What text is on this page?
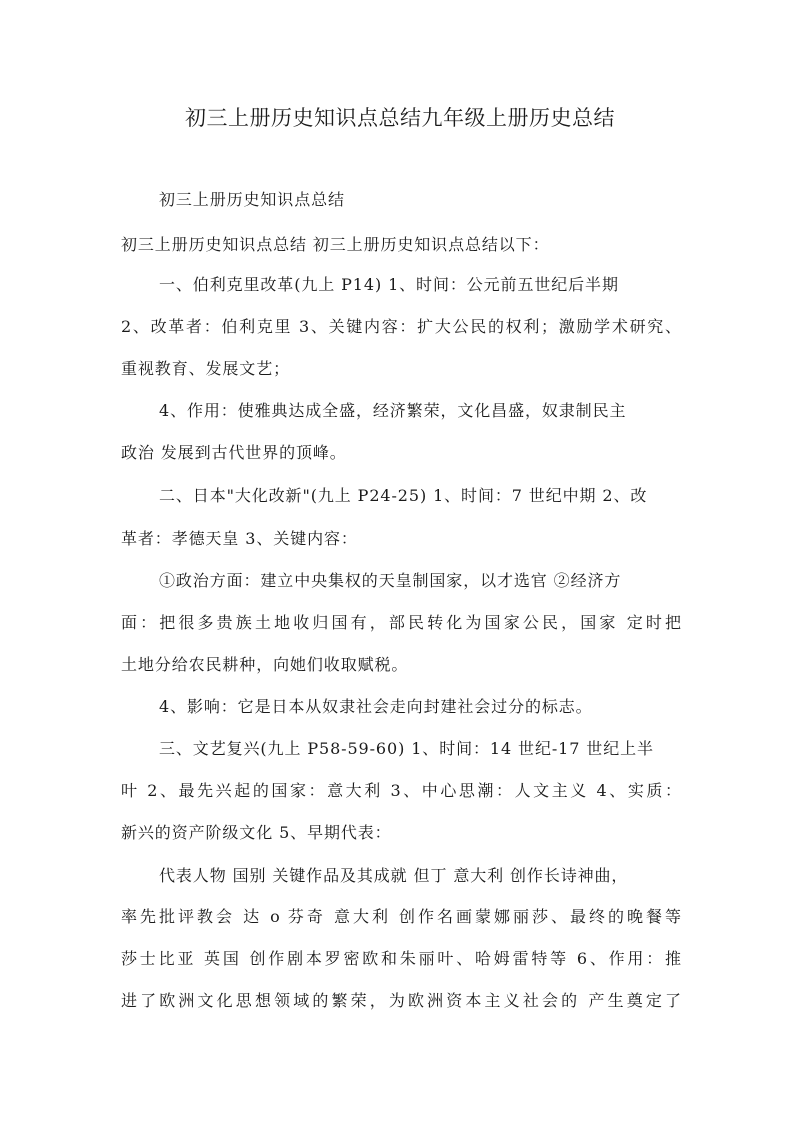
初三上册历史知识点总结九年级上册历史总结
初三上册历史知识点总结
初三上册历史知识点总结 初三上册历史知识点总结以下：
一、伯利克里改革(九上 P14) 1、时间：公元前五世纪后半期
2、改革者：伯利克里 3、关键内容：扩大公民的权利；激励学术研究、
重视教育、发展文艺；
4、作用：使雅典达成全盛，经济繁荣，文化昌盛，奴隶制民主
政治 发展到古代世界的顶峰。
二、日本"大化改新"(九上 P24-25) 1、时间：7 世纪中期 2、改
革者：孝德天皇 3、关键内容：
①政治方面：建立中央集权的天皇制国家，以才选官 ②经济方
面：把很多贵族土地收归国有，部民转化为国家公民，国家 定时把
土地分给农民耕种，向她们收取赋税。
4、影响：它是日本从奴隶社会走向封建社会过分的标志。
三、文艺复兴(九上 P58-59-60) 1、时间：14 世纪-17 世纪上半
叶 2、最先兴起的国家：意大利 3、中心思潮：人文主义 4、实质：
新兴的资产阶级文化 5、早期代表：
代表人物 国别 关键作品及其成就 但丁 意大利 创作长诗神曲，
率先批评教会 达 o 芬奇 意大利 创作名画蒙娜丽莎、最终的晚餐等
莎士比亚 英国 创作剧本罗密欧和朱丽叶、哈姆雷特等 6、作用：推
进了欧洲文化思想领域的繁荣，为欧洲资本主义社会的 产生奠定了
